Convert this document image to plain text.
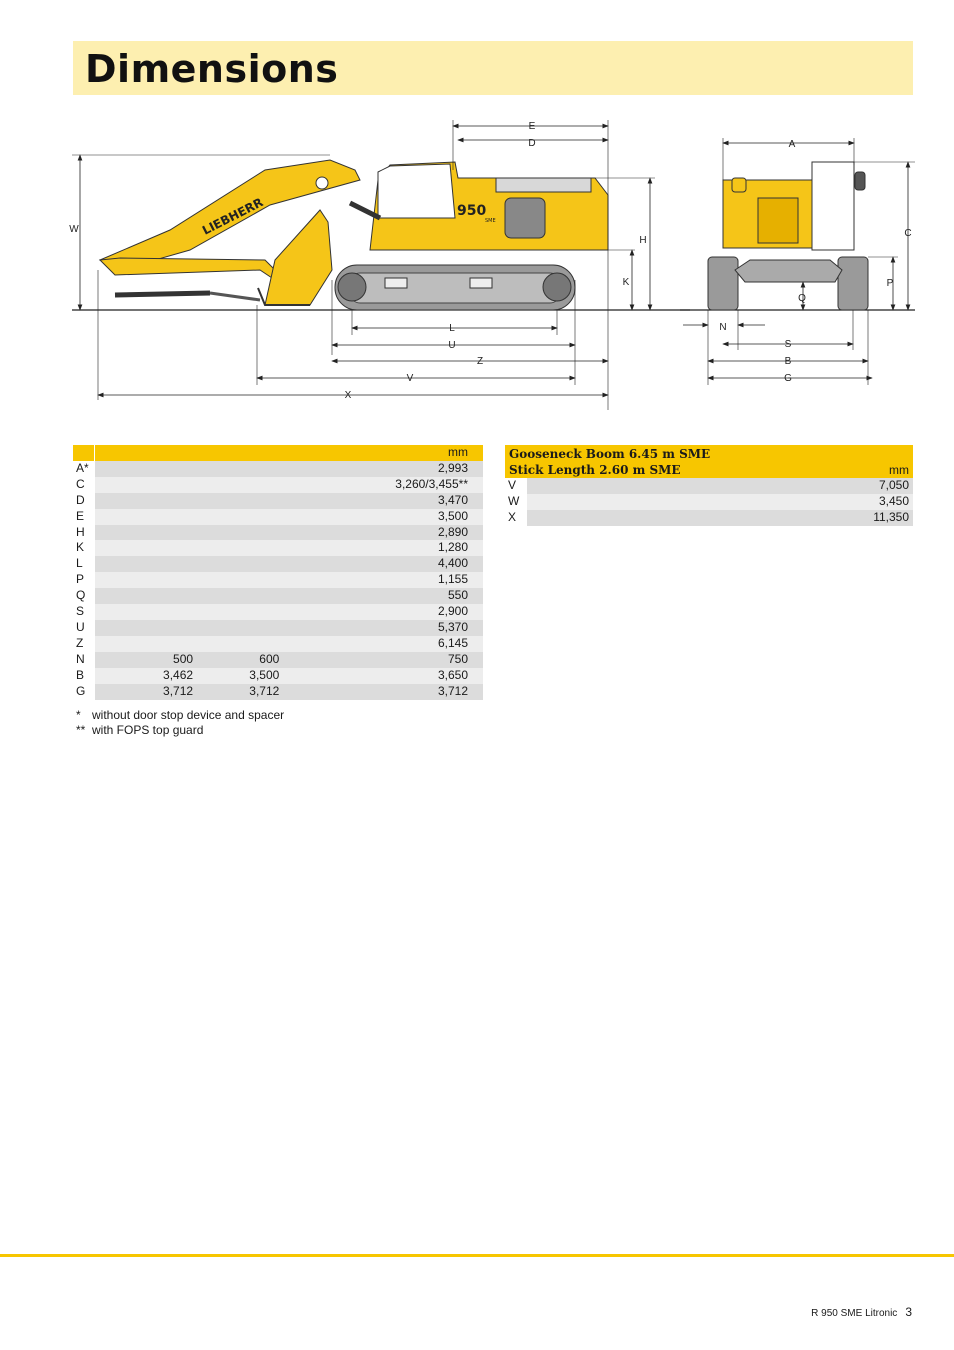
Dimensions
950
SME
LIEBHERR
E
D
W
H
K
L
U
Z
V
X
A
C
P
Q
N
S
B
G
				mm
A*				2,993
C				3,260/3,455**
D				3,470
E				3,500
H				2,890
K				1,280
L				4,400
P				1,155
Q				550
S				2,900
U				5,370
Z				6,145
N		500	600	750
B		3,462	3,500	3,650
G		3,712	3,712	3,712
Gooseneck Boom 6.45 m SME
Stick Length 2.60 m SME mm	

V	7,050
W	3,450
X	11,350
* without door stop device and spacer
** with FOPS top guard
R 950 SME Litronic 3
